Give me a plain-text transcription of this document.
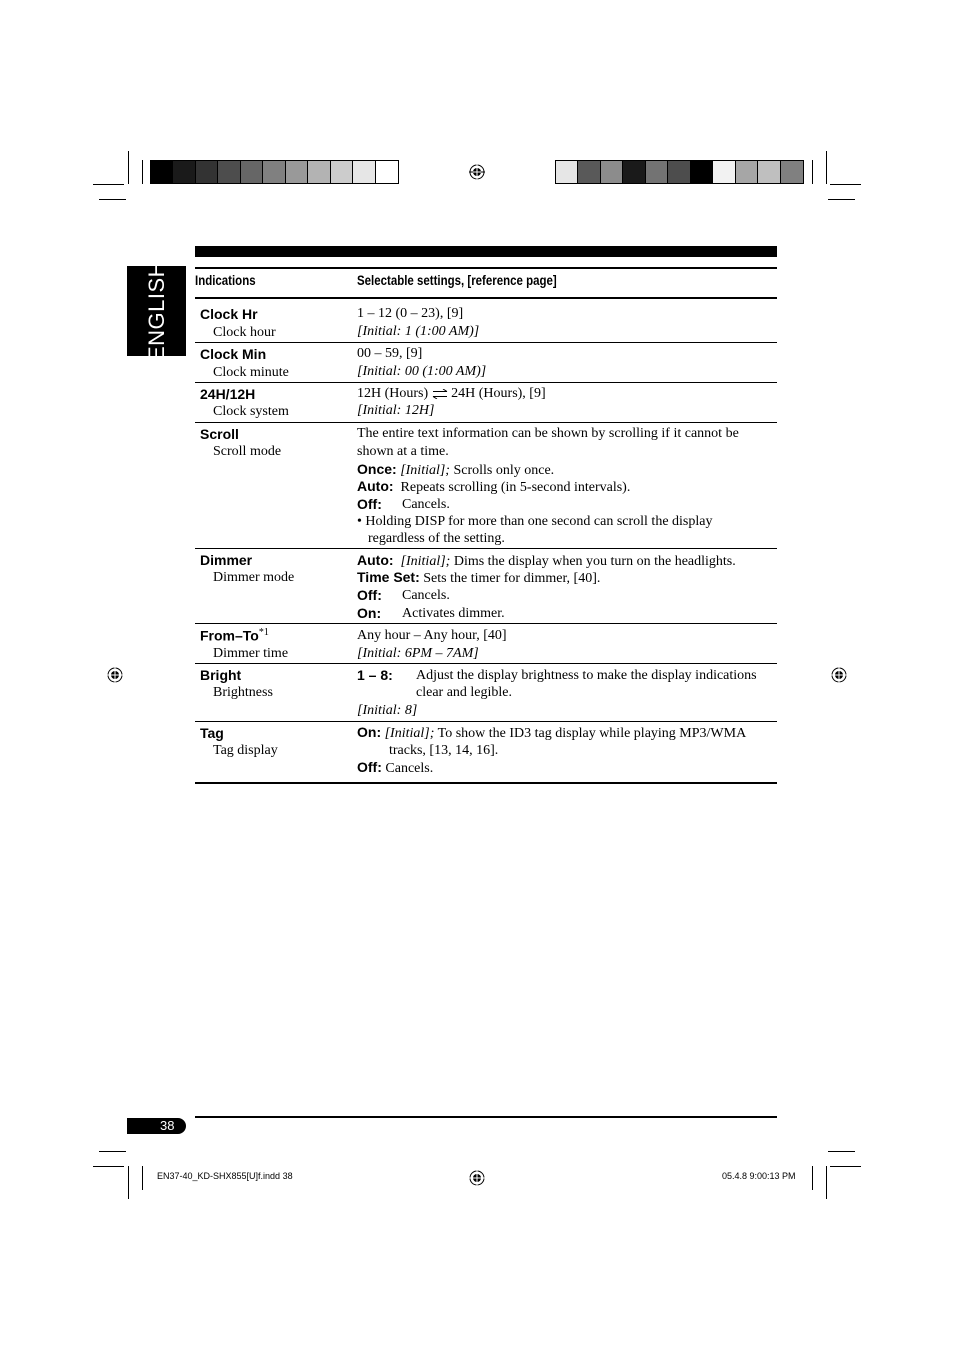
ENGLISH Indications	Selectable settings, [reference page]
Clock Hr
Clock hour
1 – 12 (0 – 23), [9]
[Initial: 1 (1:00 AM)]
Clock Min
Clock minute
00 – 59, [9]
[Initial: 00 (1:00 AM)]
24H/12H
Clock system
12H (Hours) 24H (Hours), [9]
[Initial: 12H]
Scroll
Scroll mode
The entire text information can be shown by scrolling if it cannot be
shown at a time.
Once: [Initial]; Scrolls only once.
Auto: Repeats scrolling (in 5-second intervals).
Off: Cancels.
• Holding DISP for more than one second can scroll the display
regardless of the setting.
Dimmer
Dimmer mode
Auto: [Initial]; Dims the display when you turn on the headlights.
Time Set: Sets the timer for dimmer, [40].
Off: Cancels.
On: Activates dimmer.
From–To$^{*1}$
Dimmer time
Any hour – Any hour, [40]
[Initial: 6PM – 7AM]
Bright
Brightness
1 – 8: Adjust the display brightness to make the display indications
clear and legible.
[Initial: 8]
Tag
Tag display
On: [Initial]; To show the ID3 tag display while playing MP3/WMA
tracks, [13, 14, 16].
Off: Cancels.
38
EN37-40_KD-SHX855[U]f.indd 38	05.4.8 9:00:13 PM
